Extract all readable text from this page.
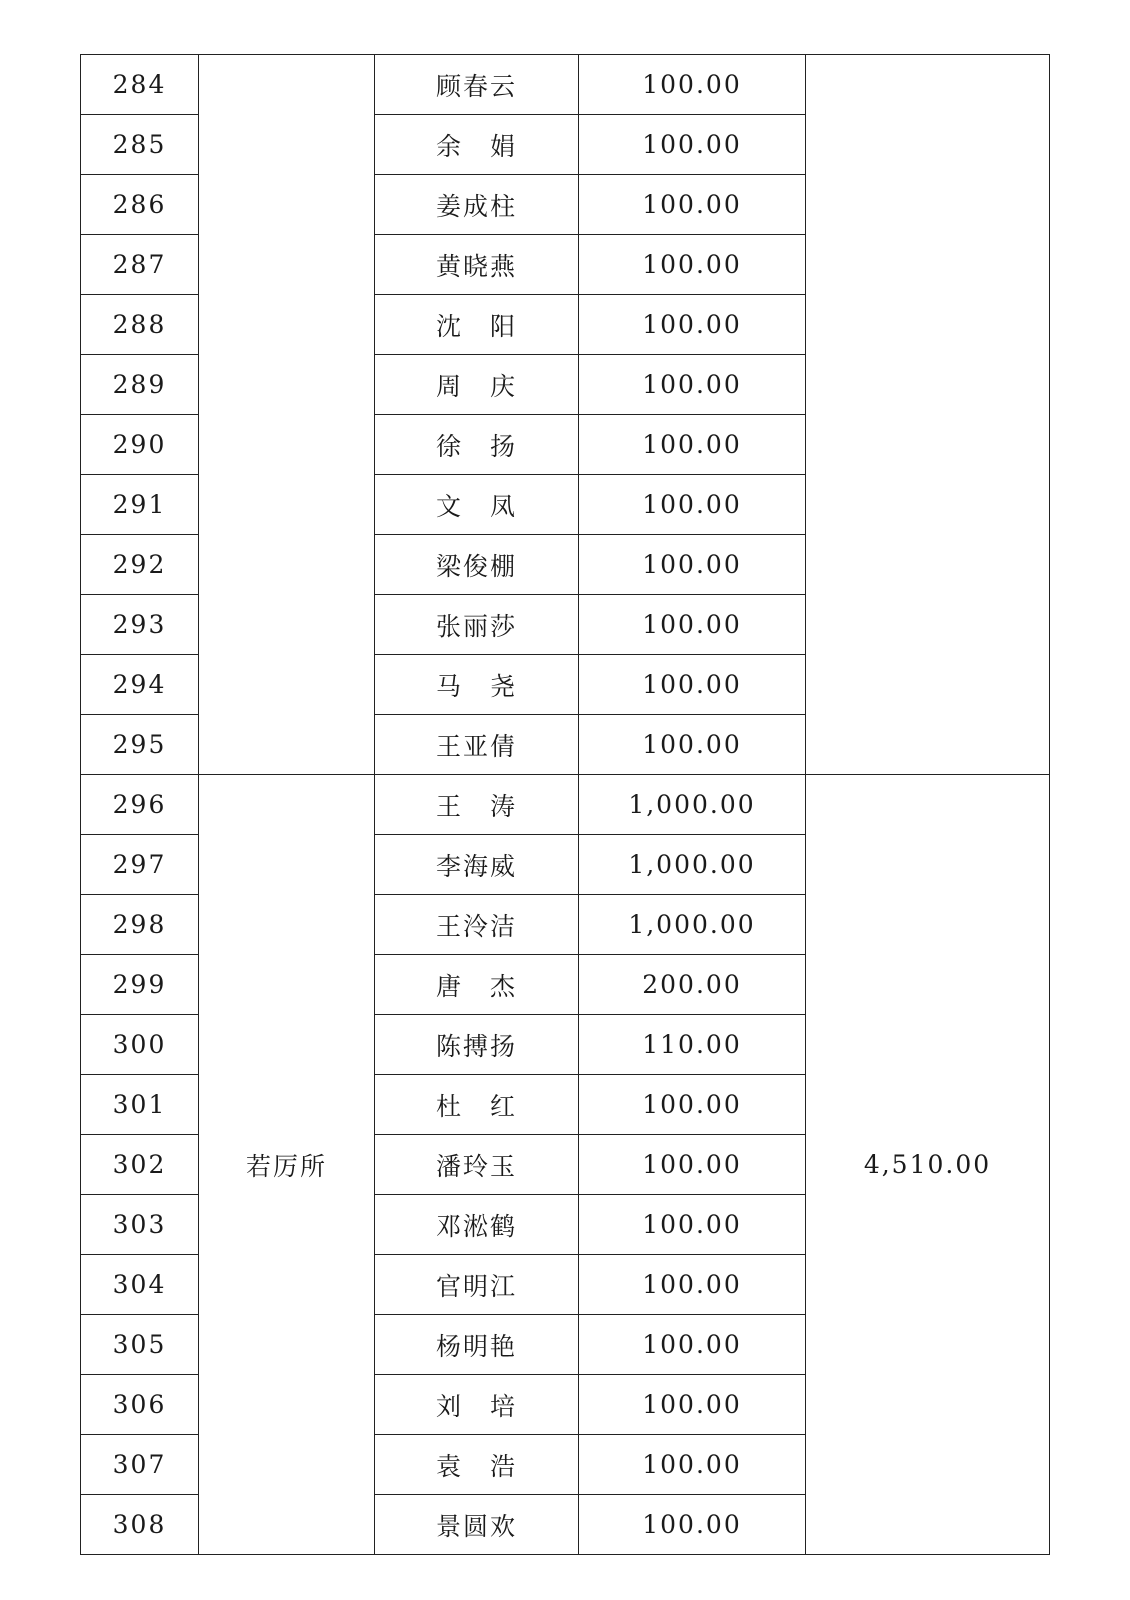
284		顾春云	100.00	
285		余　娟	100.00	
286		姜成柱	100.00	
287		黄晓燕	100.00	
288		沈　阳	100.00	
289		周　庆	100.00	
290		徐　扬	100.00	
291		文　凤	100.00	
292		梁俊棚	100.00	
293		张丽莎	100.00	
294		马　尧	100.00	
295		王亚倩	100.00	
296	若厉所	王　涛	1,000.00	4,510.00
297		李海威	1,000.00	
298		王泠洁	1,000.00	
299		唐　杰	200.00	
300		陈搏扬	110.00	
301		杜　红	100.00	
302		潘玲玉	100.00	
303		邓淞鹤	100.00	
304		官明江	100.00	
305		杨明艳	100.00	
306		刘　培	100.00	
307		袁　浩	100.00	
308		景圆欢	100.00	
